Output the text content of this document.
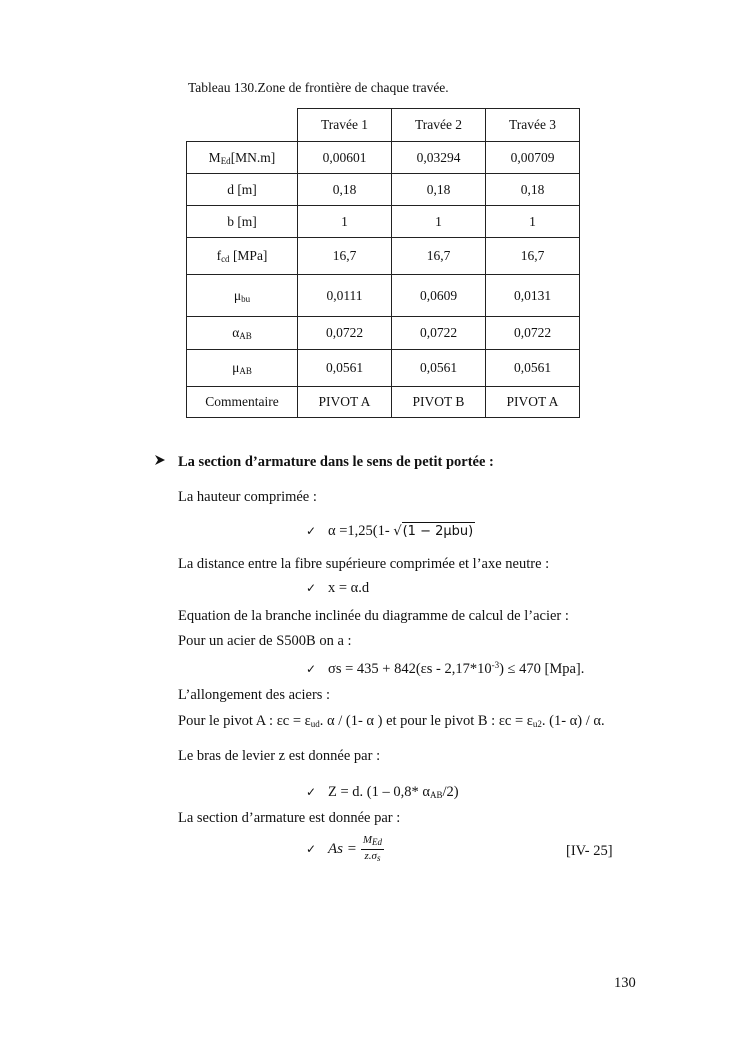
Tableau 130.Zone de frontière de chaque travée.
	Travée 1	Travée 2	Travée 3
$M_{Ed}[MN.m]$	0,00601	0,03294	0,00709
d [m]	0,18	0,18	0,18
b [m]	1	1	1
$f_{cd}$ [MPa]	16,7	16,7	16,7
$\mu_{bu}$	0,0111	0,0609	0,0131
$\alpha_{AB}$	0,0722	0,0722	0,0722
$\mu_{AB}$	0,0561	0,0561	0,0561
Commentaire	PIVOT A	PIVOT B	PIVOT A
La section d’armature dans le sens de petit portée :
La hauteur comprimée :
✓ α =1,25(1- √(1 − 2μbu)
La distance entre la fibre supérieure comprimée et l’axe neutre :
✓ x = α.d
Equation de la branche inclinée du diagramme de calcul de l’acier :
Pour un acier de S500B on a :
✓ $\sigma s = 435 + 842(\varepsilon s - 2,17*10^{-3}) \le 470$ [Mpa].
L’allongement des aciers :
Pour le pivot A : $\varepsilon c = \varepsilon_{ud}$. α / (1- α ) et pour le pivot B : $\varepsilon c = \varepsilon_{u2}$. (1- α) / α.
Le bras de levier z est donnée par :
✓ Z = d. (1 – 0,8* $\alpha_{AB}/2$)
La section d’armature est donnée par :
✓ $As = \frac{M_{Ed}}{z.\sigma_s}$	[IV- 25]
130
